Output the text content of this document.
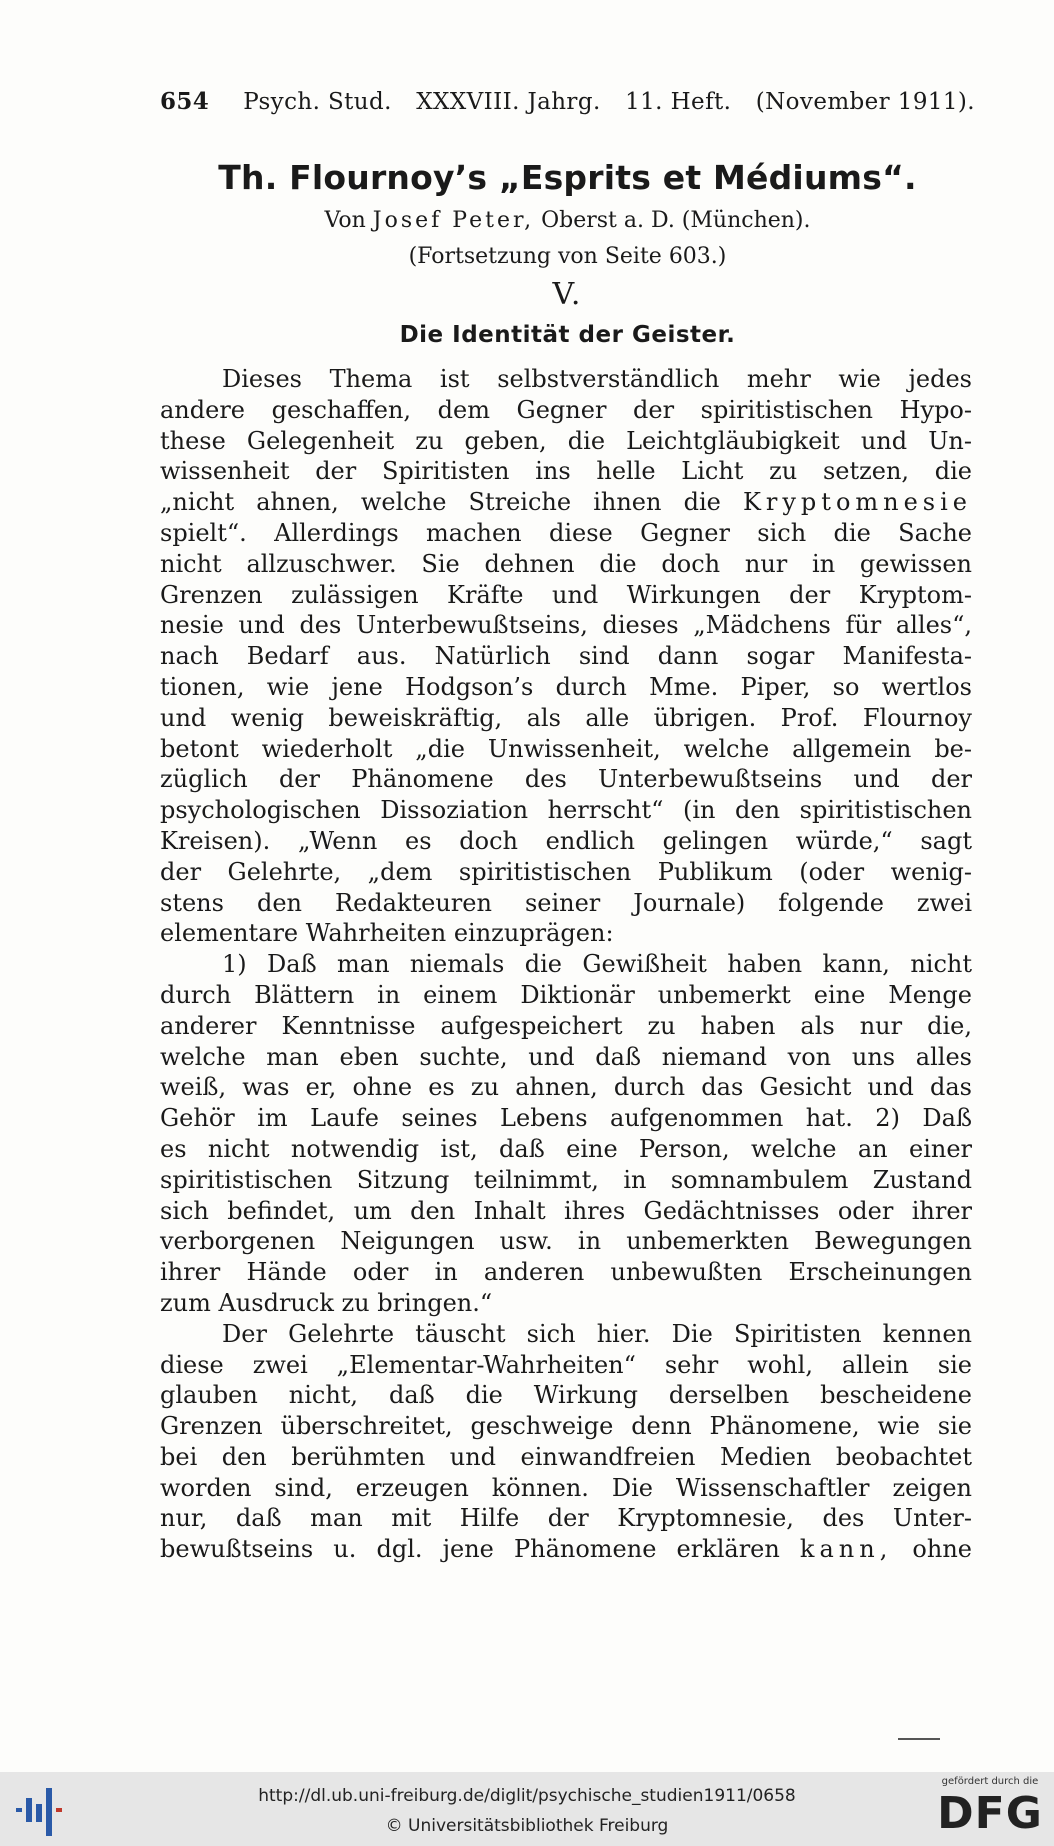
654 Psych. Stud. XXXVIII. Jahrg. 11. Heft. (November 1911).
Th. Flournoy’s „Esprits et Médiums“.
Von Josef Peter, Oberst a. D. (München).
(Fortsetzung von Seite 603.)
V.
Die Identität der Geister.
Dieses Thema ist selbstverständlich mehr wie jedes
andere geschaffen, dem Gegner der spiritistischen Hypo-
these Gelegenheit zu geben, die Leichtgläubigkeit und Un-
wissenheit der Spiritisten ins helle Licht zu setzen, die
„nicht ahnen, welche Streiche ihnen die Kryptomnesie
spielt“. Allerdings machen diese Gegner sich die Sache
nicht allzuschwer. Sie dehnen die doch nur in gewissen
Grenzen zulässigen Kräfte und Wirkungen der Kryptom-
nesie und des Unterbewußtseins, dieses „Mädchens für alles“,
nach Bedarf aus. Natürlich sind dann sogar Manifesta-
tionen, wie jene Hodgson’s durch Mme. Piper, so wertlos
und wenig beweiskräftig, als alle übrigen. Prof. Flournoy
betont wiederholt „die Unwissenheit, welche allgemein be-
züglich der Phänomene des Unterbewußtseins und der
psychologischen Dissoziation herrscht“ (in den spiritistischen
Kreisen). „Wenn es doch endlich gelingen würde,“ sagt
der Gelehrte, „dem spiritistischen Publikum (oder wenig-
stens den Redakteuren seiner Journale) folgende zwei
elementare Wahrheiten einzuprägen:
1) Daß man niemals die Gewißheit haben kann, nicht
durch Blättern in einem Diktionär unbemerkt eine Menge
anderer Kenntnisse aufgespeichert zu haben als nur die,
welche man eben suchte, und daß niemand von uns alles
weiß, was er, ohne es zu ahnen, durch das Gesicht und das
Gehör im Laufe seines Lebens aufgenommen hat. 2) Daß
es nicht notwendig ist, daß eine Person, welche an einer
spiritistischen Sitzung teilnimmt, in somnambulem Zustand
sich befindet, um den Inhalt ihres Gedächtnisses oder ihrer
verborgenen Neigungen usw. in unbemerkten Bewegungen
ihrer Hände oder in anderen unbewußten Erscheinungen
zum Ausdruck zu bringen.“
Der Gelehrte täuscht sich hier. Die Spiritisten kennen
diese zwei „Elementar-Wahrheiten“ sehr wohl, allein sie
glauben nicht, daß die Wirkung derselben bescheidene
Grenzen überschreitet, geschweige denn Phänomene, wie sie
bei den berühmten und einwandfreien Medien beobachtet
worden sind, erzeugen können. Die Wissenschaftler zeigen
nur, daß man mit Hilfe der Kryptomnesie, des Unter-
bewußtseins u. dgl. jene Phänomene erklären kann, ohne
http://dl.ub.uni-freiburg.de/diglit/psychische_studien1911/0658
© Universitätsbibliothek Freiburg
gefördert durch die
DFG
